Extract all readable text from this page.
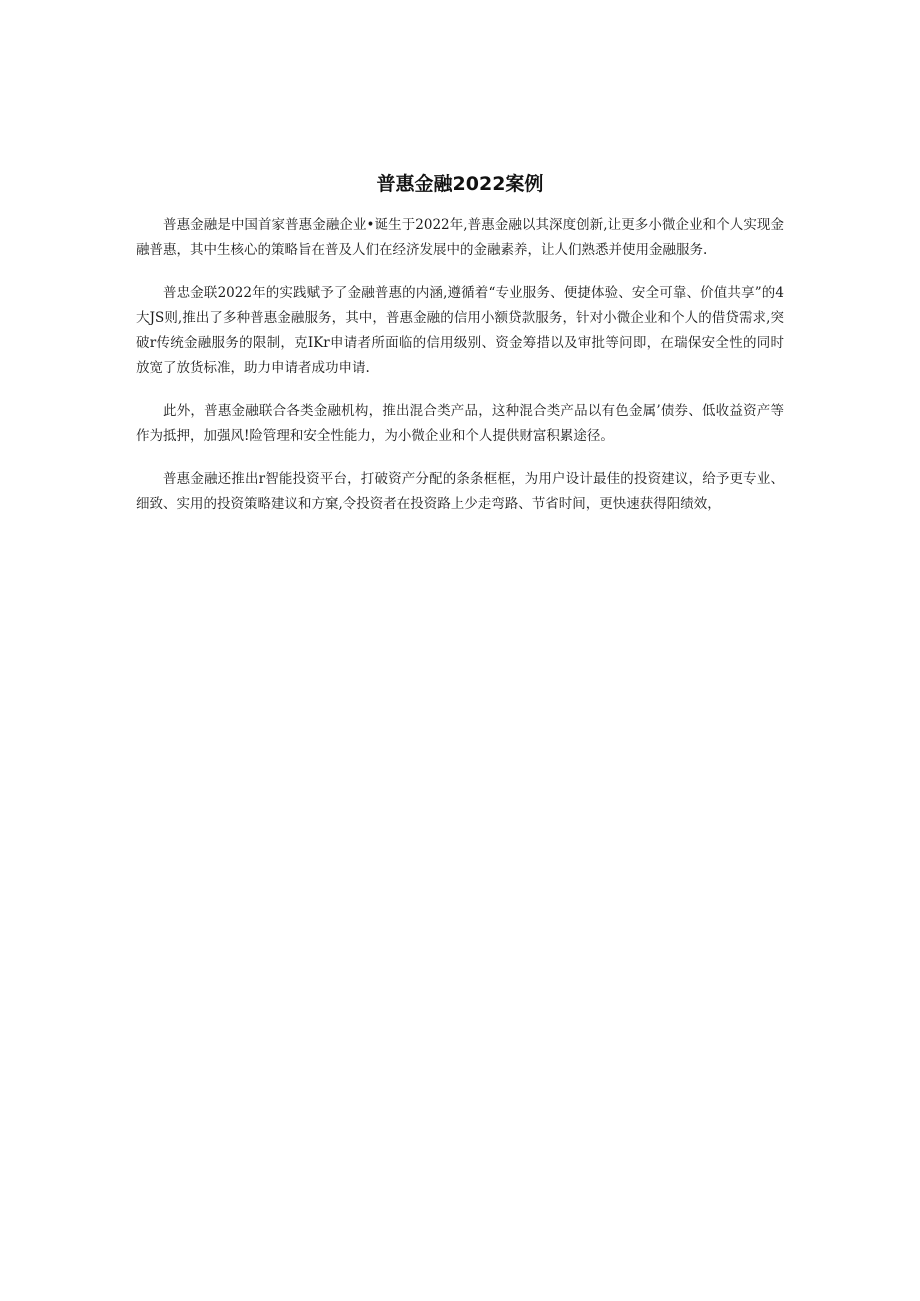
普惠金融2022案例

普惠金融是中国首家普惠金融企业•诞生于2022年,普惠金融以其深度创新,让更多小微企业和个人实现金融普惠，其中生核心的策略旨在普及人们在经济发展中的金融素养，让人们熟悉并使用金融服务.

普忠金联2022年的实践赋予了金融普惠的内涵,遵循着“专业服务、便捷体验、安全可靠、价值共享”的4大JS则,推出了多种普惠金融服务，其中，普惠金融的信用小额贷款服务，针对小微企业和个人的借贷需求,突破r传统金融服务的限制，克IKr申请者所面临的信用级别、资金筹措以及审批等问即，在瑞保安全性的同时放宽了放货标准，助力申请者成功申请.

此外，普惠金融联合各类金融机构，推出混合类产品，这种混合类产品以有色金属’债券、低收益资产等作为抵押，加强风!险管理和安全性能力，为小微企业和个人提供财富积累途径。

普惠金融还推出r智能投资平台，打破资产分配的条条框框，为用户设计最佳的投资建议，给予更专业、细致、实用的投资策略建议和方窠,令投资者在投资路上少走弯路、节省时间，更快速获得阳绩效，
